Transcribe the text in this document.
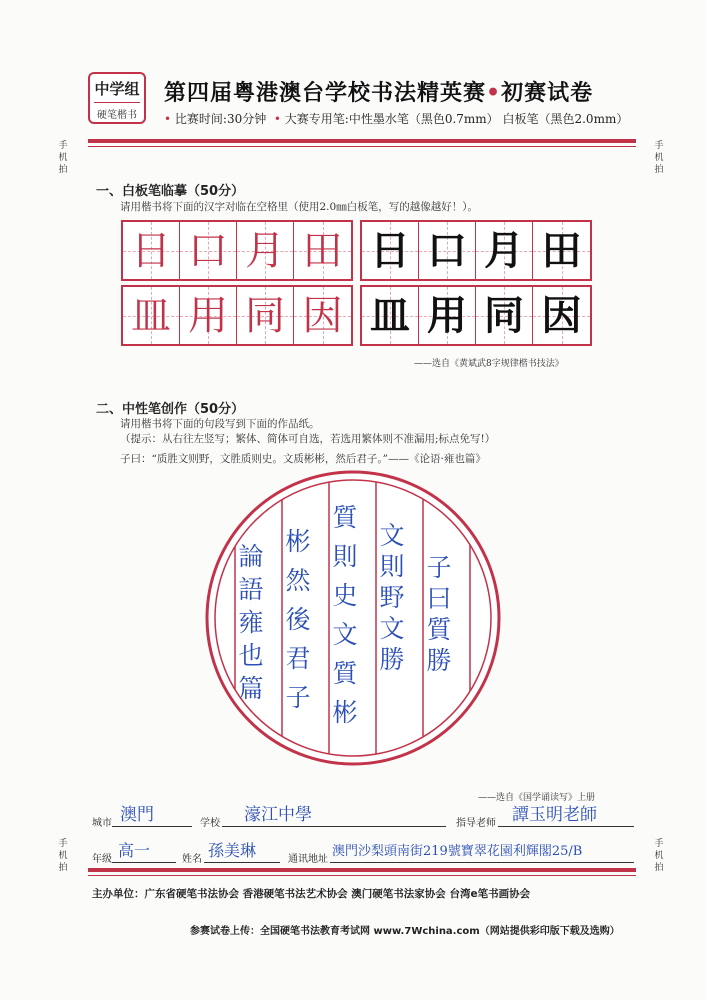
中学组
硬笔楷书
第四届粤港澳台学校书法精英赛•初赛试卷
• 比赛时间:30分钟 • 大赛专用笔:中性墨水笔（黑色0.7mm） 白板笔（黑色2.0mm）
手机拍
手机拍
手机拍
手机拍
一、白板笔临摹（50分）
请用楷书将下面的汉字对临在空格里（使用2.0㎜白板笔，写的越像越好！）。
日 口 月 田 日 口 月 田
皿 用 同 因 皿 用 同 因
——选自《黄斌武8字规律楷书技法》
二、中性笔创作（50分）
请用楷书将下面的句段写到下面的作品纸。
（提示：从右往左竖写；繁体、简体可自选，若选用繁体则不准漏用;标点免写!）
子曰：“质胜文则野，文胜质则史。文质彬彬，然后君子。”——《论语·雍也篇》
子曰質勝
文則野文勝
質則史文質彬
彬然後君子
論語雍也篇
——选自《国学诵读写》上册
城市 澳門	学校 濠江中學	指导老师 譚玉明老師
年级 高一	姓名 孫美琳	通讯地址
澳門沙梨頭南街219號寶翠花園利輝閣25/B
主办单位：广东省硬笔书法协会 香港硬笔书法艺术协会 澳门硬笔书法家协会 台湾e笔书画协会
参赛试卷上传：全国硬笔书法教育考试网 www.7Wchina.com（网站提供彩印版下载及选购）
